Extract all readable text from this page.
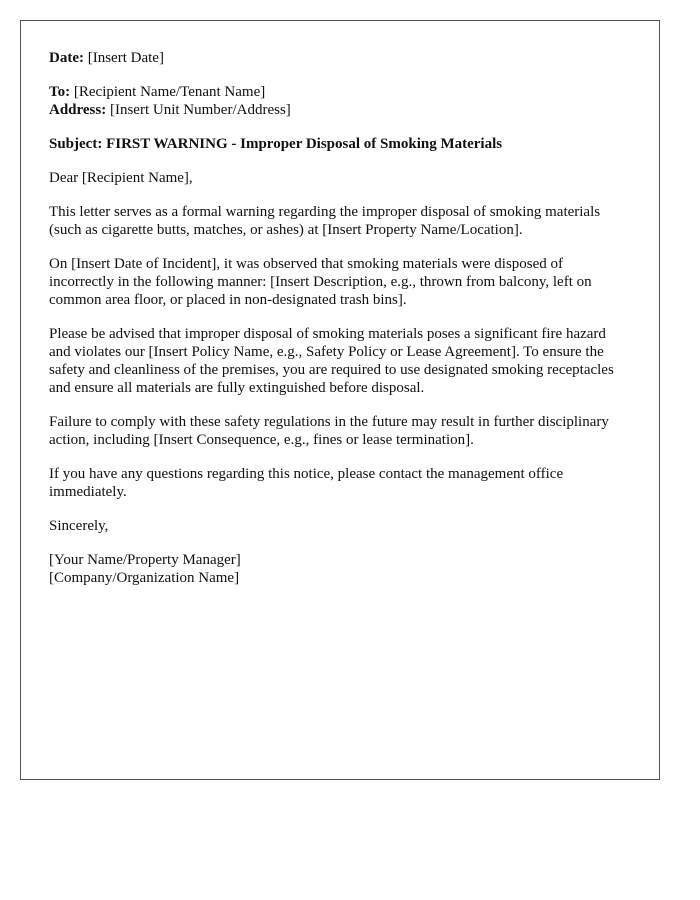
Date: [Insert Date]

To: [Recipient Name/Tenant Name]

Address: [Insert Unit Number/Address]

Subject: FIRST WARNING - Improper Disposal of Smoking Materials

Dear [Recipient Name],

This letter serves as a formal warning regarding the improper disposal of smoking materials (such as cigarette butts, matches, or ashes) at [Insert Property Name/Location].

On [Insert Date of Incident], it was observed that smoking materials were disposed of incorrectly in the following manner: [Insert Description, e.g., thrown from balcony, left on common area floor, or placed in non-designated trash bins].

Please be advised that improper disposal of smoking materials poses a significant fire hazard and violates our [Insert Policy Name, e.g., Safety Policy or Lease Agreement]. To ensure the safety and cleanliness of the premises, you are required to use designated smoking receptacles and ensure all materials are fully extinguished before disposal.

Failure to comply with these safety regulations in the future may result in further disciplinary action, including [Insert Consequence, e.g., fines or lease termination].

If you have any questions regarding this notice, please contact the management office immediately.

Sincerely,

[Your Name/Property Manager]

[Company/Organization Name]
